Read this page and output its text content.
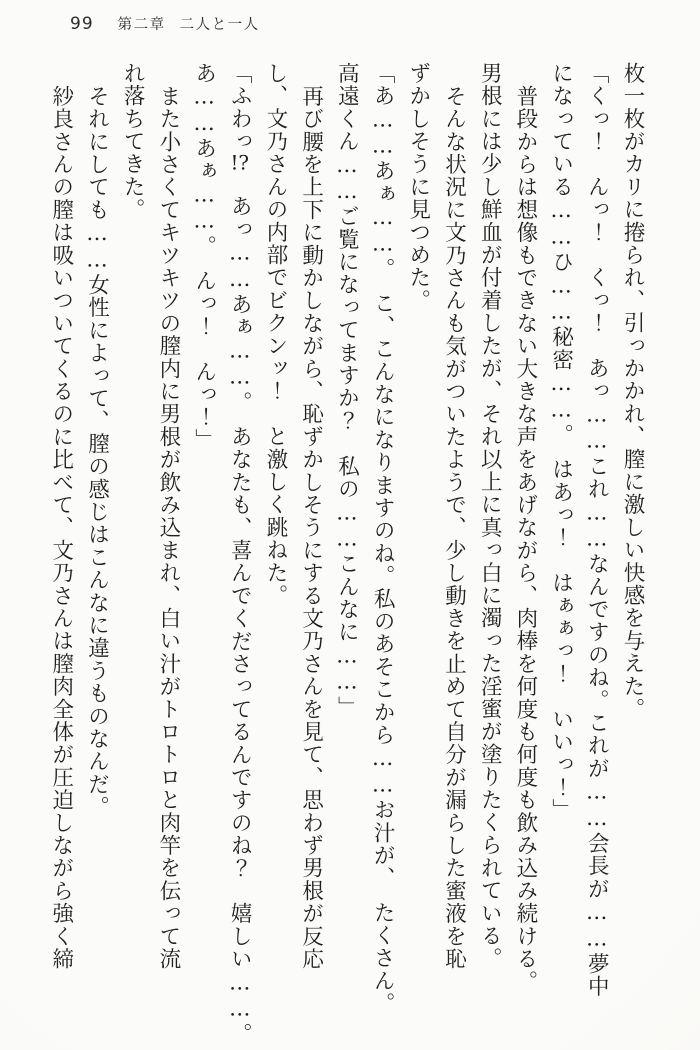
99 第二章 二人と一人
枚一枚がカリに捲られ、引っかかれ、膣に激しい快感を与えた。
「くっ！　んっ！　くっ！　あっ……これ……なんですのね。これが……会長が……夢中
になっている……ひ……秘密……。　はあっ！　はぁぁっ！　いいっ！」
普段からは想像もできない大きな声をあげながら、肉棒を何度も何度も飲み込み続ける。
男根には少し鮮血が付着したが、それ以上に真っ白に濁った淫蜜が塗りたくられている。
そんな状況に文乃さんも気がついたようで、少し動きを止めて自分が漏らした蜜液を恥
ずかしそうに見つめた。
「あ……あぁ……。　こ、こんなになりますのね。私のあそこから……お汁が、　たくさん。
高遠くん……ご覧になってますか？　私の……こんなに……」
再び腰を上下に動かしながら、恥ずかしそうにする文乃さんを見て、思わず男根が反応
し、文乃さんの内部でビクンッ！　と激しく跳ねた。
「ふわっ!?　あっ……あぁ……。　あなたも、喜んでくださってるんですのね？　嬉しい……。
あ……あぁ……。　んっ！　んっ！」
また小さくてキツキツの膣内に男根が飲み込まれ、白い汁がトロトロと肉竿を伝って流
れ落ちてきた。
それにしても……女性によって、膣の感じはこんなに違うものなんだ。
紗良さんの膣は吸いついてくるのに比べて、文乃さんは膣肉全体が圧迫しながら強く締
